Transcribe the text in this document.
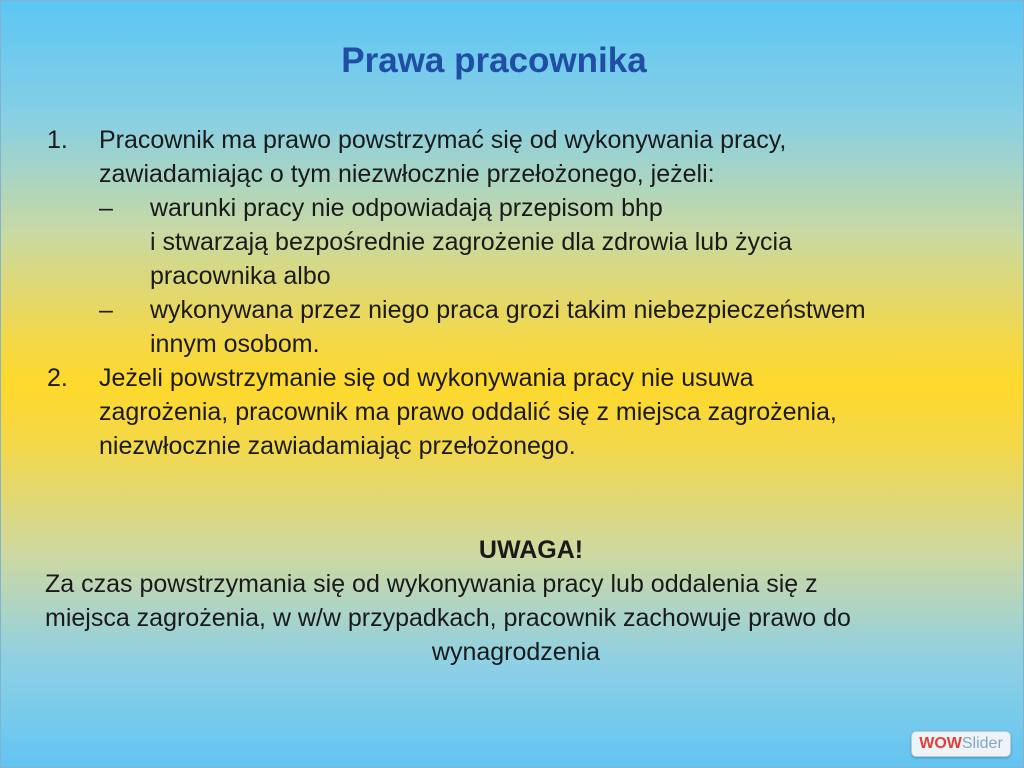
Prawa pracownika
1.	Pracownik ma prawo powstrzymać się od wykonywania pracy,
zawiadamiając o tym niezwłocznie przełożonego, jeżeli:
–	warunki pracy nie odpowiadają przepisom bhp
i stwarzają bezpośrednie zagrożenie dla zdrowia lub życia
pracownika albo
–	wykonywana przez niego praca grozi takim niebezpieczeństwem
innym osobom.
2.	Jeżeli powstrzymanie się od wykonywania pracy nie usuwa
zagrożenia, pracownik ma prawo oddalić się z miejsca zagrożenia,
niezwłocznie zawiadamiając przełożonego.
UWAGA!
Za czas powstrzymania się od wykonywania pracy lub oddalenia się z
miejsca zagrożenia, w w/w przypadkach, pracownik zachowuje prawo do
wynagrodzenia
WOWSlider
